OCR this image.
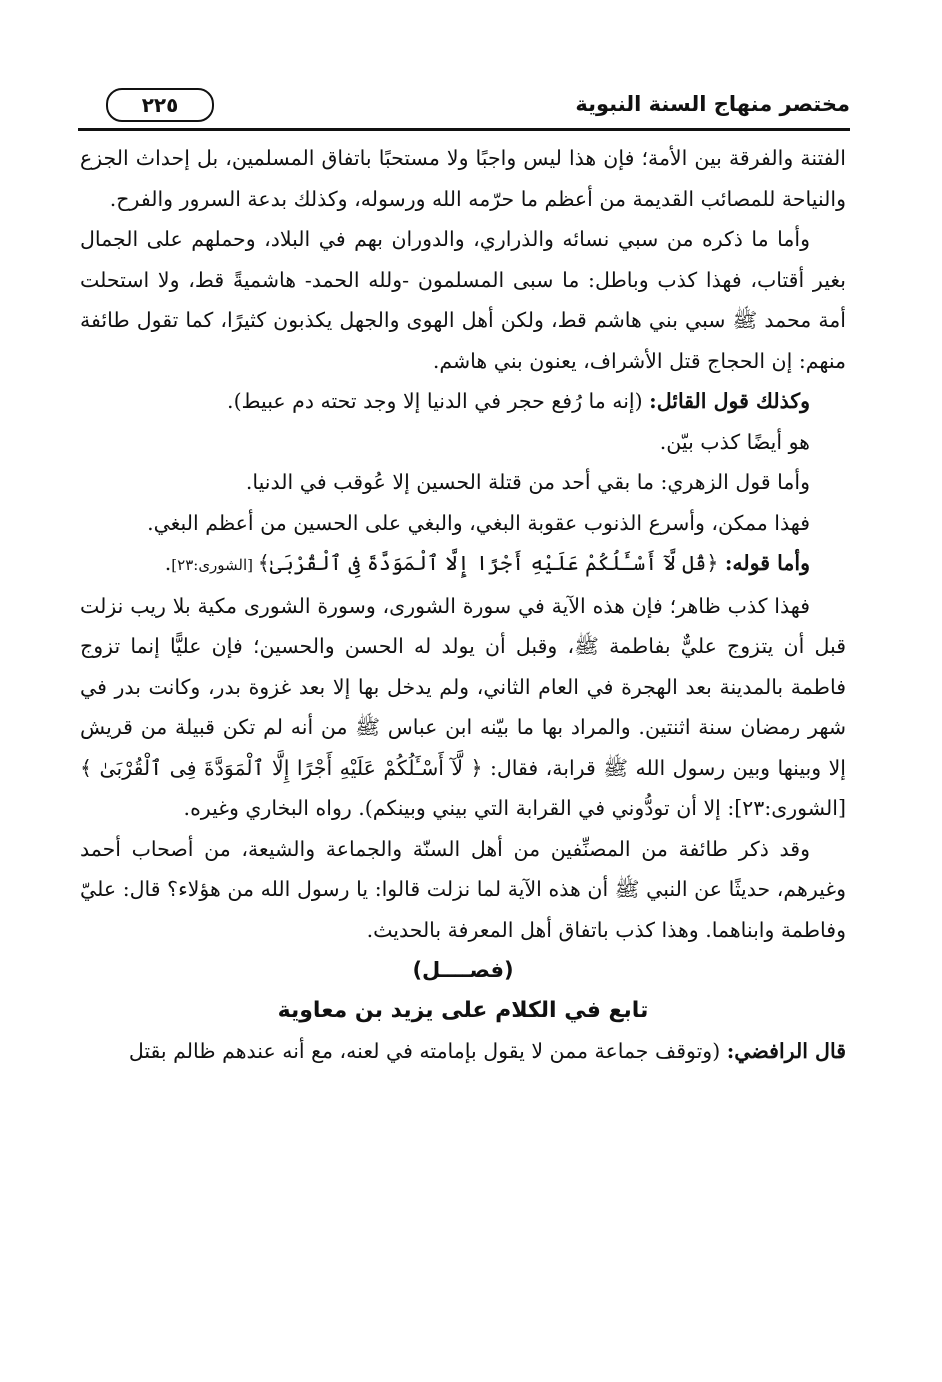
مختصر منهاج السنة النبوية
٢٢٥

الفتنة والفرقة بين الأمة؛ فإن هذا ليس واجبًا ولا مستحبًا باتفاق المسلمين، بل إحداث الجزع والنياحة للمصائب القديمة من أعظم ما حرّمه الله ورسوله، وكذلك بدعة السرور والفرح.

وأما ما ذكره من سبي نسائه والذراري، والدوران بهم في البلاد، وحملهم على الجمال بغير أقتاب، فهذا كذب وباطل: ما سبى المسلمون -ولله الحمد- هاشميةً قط، ولا استحلت أمة محمد ﷺ سبي بني هاشم قط، ولكن أهل الهوى والجهل يكذبون كثيرًا، كما تقول طائفة منهم: إن الحجاج قتل الأشراف، يعنون بني هاشم.

وكذلك قول القائل: (إنه ما رُفع حجر في الدنيا إلا وجد تحته دم عبيط).

هو أيضًا كذب بيّن.

وأما قول الزهري: ما بقي أحد من قتلة الحسين إلا عُوقب في الدنيا.

فهذا ممكن، وأسرع الذنوب عقوبة البغي، والبغي على الحسين من أعظم البغي.

وأما قوله: ﴿قُل لَّآ أَسْـَٔلُكُمْ عَلَيْهِ أَجْرًا إِلَّا ٱلْمَوَدَّةَ فِى ٱلْقُرْبَىٰ﴾ [الشورى:٢٣].

فهذا كذب ظاهر؛ فإن هذه الآية في سورة الشورى، وسورة الشورى مكية بلا ريب نزلت قبل أن يتزوج عليٌّ بفاطمة ﷺ، وقبل أن يولد له الحسن والحسين؛ فإن عليًّا إنما تزوج فاطمة بالمدينة بعد الهجرة في العام الثاني، ولم يدخل بها إلا بعد غزوة بدر، وكانت بدر في شهر رمضان سنة اثنتين. والمراد بها ما بيّنه ابن عباس ﷺ من أنه لم تكن قبيلة من قريش إلا وبينها وبين رسول الله ﷺ قرابة، فقال: ﴿ لَّآ أَسْـَٔلُكُمْ عَلَيْهِ أَجْرًا إِلَّا ٱلْمَوَدَّةَ فِى ٱلْقُرْبَىٰ ﴾ [الشورى:٢٣]: إلا أن تودُّوني في القرابة التي بيني وبينكم). رواه البخاري وغيره.

وقد ذكر طائفة من المصنِّفين من أهل السنّة والجماعة والشيعة، من أصحاب أحمد وغيرهم، حديثًا عن النبي ﷺ أن هذه الآية لما نزلت قالوا: يا رسول الله من هؤلاء؟ قال: عليّ وفاطمة وابناهما. وهذا كذب باتفاق أهل المعرفة بالحديث.

(فصــــل)

تابع في الكلام على يزيد بن معاوية

قال الرافضي: (وتوقف جماعة ممن لا يقول بإمامته في لعنه، مع أنه عندهم ظالم بقتل
